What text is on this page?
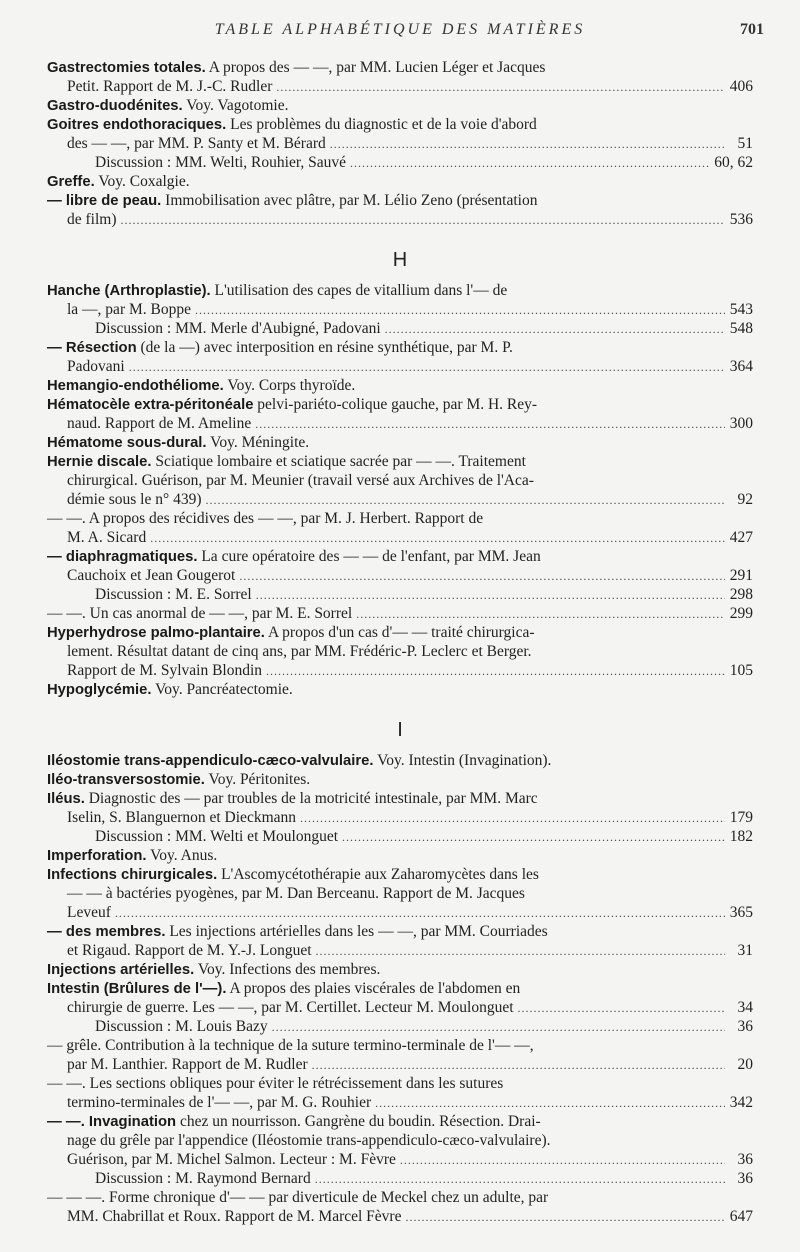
TABLE ALPHABÉTIQUE DES MATIÈRES	701
Gastrectomies totales. A propos des — —, par MM. Lucien Léger et Jacques
Petit. Rapport de M. J.-C. Rudler .....	406
Gastro-duodénites. Voy. Vagotomie.
Goitres endothoraciques. Les problèmes du diagnostic et de la voie d'abord
des — —, par MM. P. Santy et M. Bérard .....	51
Discussion : MM. Welti, Rouhier, Sauvé .....	60, 62
Greffe. Voy. Coxalgie.
— libre de peau. Immobilisation avec plâtre, par M. Lélio Zeno (présentation
de film) .....	536
H
Hanche (Arthroplastie). L'utilisation des capes de vitallium dans l'— de
la —, par M. Boppe .....	543
Discussion : MM. Merle d'Aubigné, Padovani .....	548
— Résection (de la —) avec interposition en résine synthétique, par M. P.
Padovani .....	364
Hemangio-endothéliome. Voy. Corps thyroïde.
Hématocèle extra-péritonéale pelvi-pariéto-colique gauche, par M. H. Rey-
naud. Rapport de M. Ameline .....	300
Hématome sous-dural. Voy. Méningite.
Hernie discale. Sciatique lombaire et sciatique sacrée par — —. Traitement
chirurgical. Guérison, par M. Meunier (travail versé aux Archives de l'Aca-
démie sous le n° 439) .....	92
— —. A propos des récidives des — —, par M. J. Herbert. Rapport de
M. A. Sicard .....	427
— diaphragmatiques. La cure opératoire des — — de l'enfant, par MM. Jean
Cauchoix et Jean Gougerot .....	291
Discussion : M. E. Sorrel .....	298
— —. Un cas anormal de — —, par M. E. Sorrel .....	299
Hyperhydrose palmo-plantaire. A propos d'un cas d'— — traité chirurgica-
lement. Résultat datant de cinq ans, par MM. Frédéric-P. Leclerc et Berger.
Rapport de M. Sylvain Blondin .....	105
Hypoglycémie. Voy. Pancréatectomie.
I
Iléostomie trans-appendiculo-cæco-valvulaire. Voy. Intestin (Invagination).
Iléo-transversostomie. Voy. Péritonites.
Iléus. Diagnostic des — par troubles de la motricité intestinale, par MM. Marc
Iselin, S. Blanguernon et Dieckmann .....	179
Discussion : MM. Welti et Moulonguet .....	182
Imperforation. Voy. Anus.
Infections chirurgicales. L'Ascomycétothérapie aux Zaharomycètes dans les
— — à bactéries pyogènes, par M. Dan Berceanu. Rapport de M. Jacques
Leveuf .....	365
— des membres. Les injections artérielles dans les — —, par MM. Courriades
et Rigaud. Rapport de M. Y.-J. Longuet .....	31
Injections artérielles. Voy. Infections des membres.
Intestin (Brûlures de l'—). A propos des plaies viscérales de l'abdomen en
chirurgie de guerre. Les — —, par M. Certillet. Lecteur M. Moulonguet .....	34
Discussion : M. Louis Bazy .....	36
— grêle. Contribution à la technique de la suture termino-terminale de l'— —,
par M. Lanthier. Rapport de M. Rudler .....	20
— —. Les sections obliques pour éviter le rétrécissement dans les sutures
termino-terminales de l'— —, par M. G. Rouhier .....	342
— —. Invagination chez un nourrisson. Gangrène du boudin. Résection. Drai-
nage du grêle par l'appendice (Iléostomie trans-appendiculo-cæco-valvulaire).
Guérison, par M. Michel Salmon. Lecteur : M. Fèvre .....	36
Discussion : M. Raymond Bernard .....	36
— — —. Forme chronique d'— — par diverticule de Meckel chez un adulte, par
MM. Chabrillat et Roux. Rapport de M. Marcel Fèvre .....	647
